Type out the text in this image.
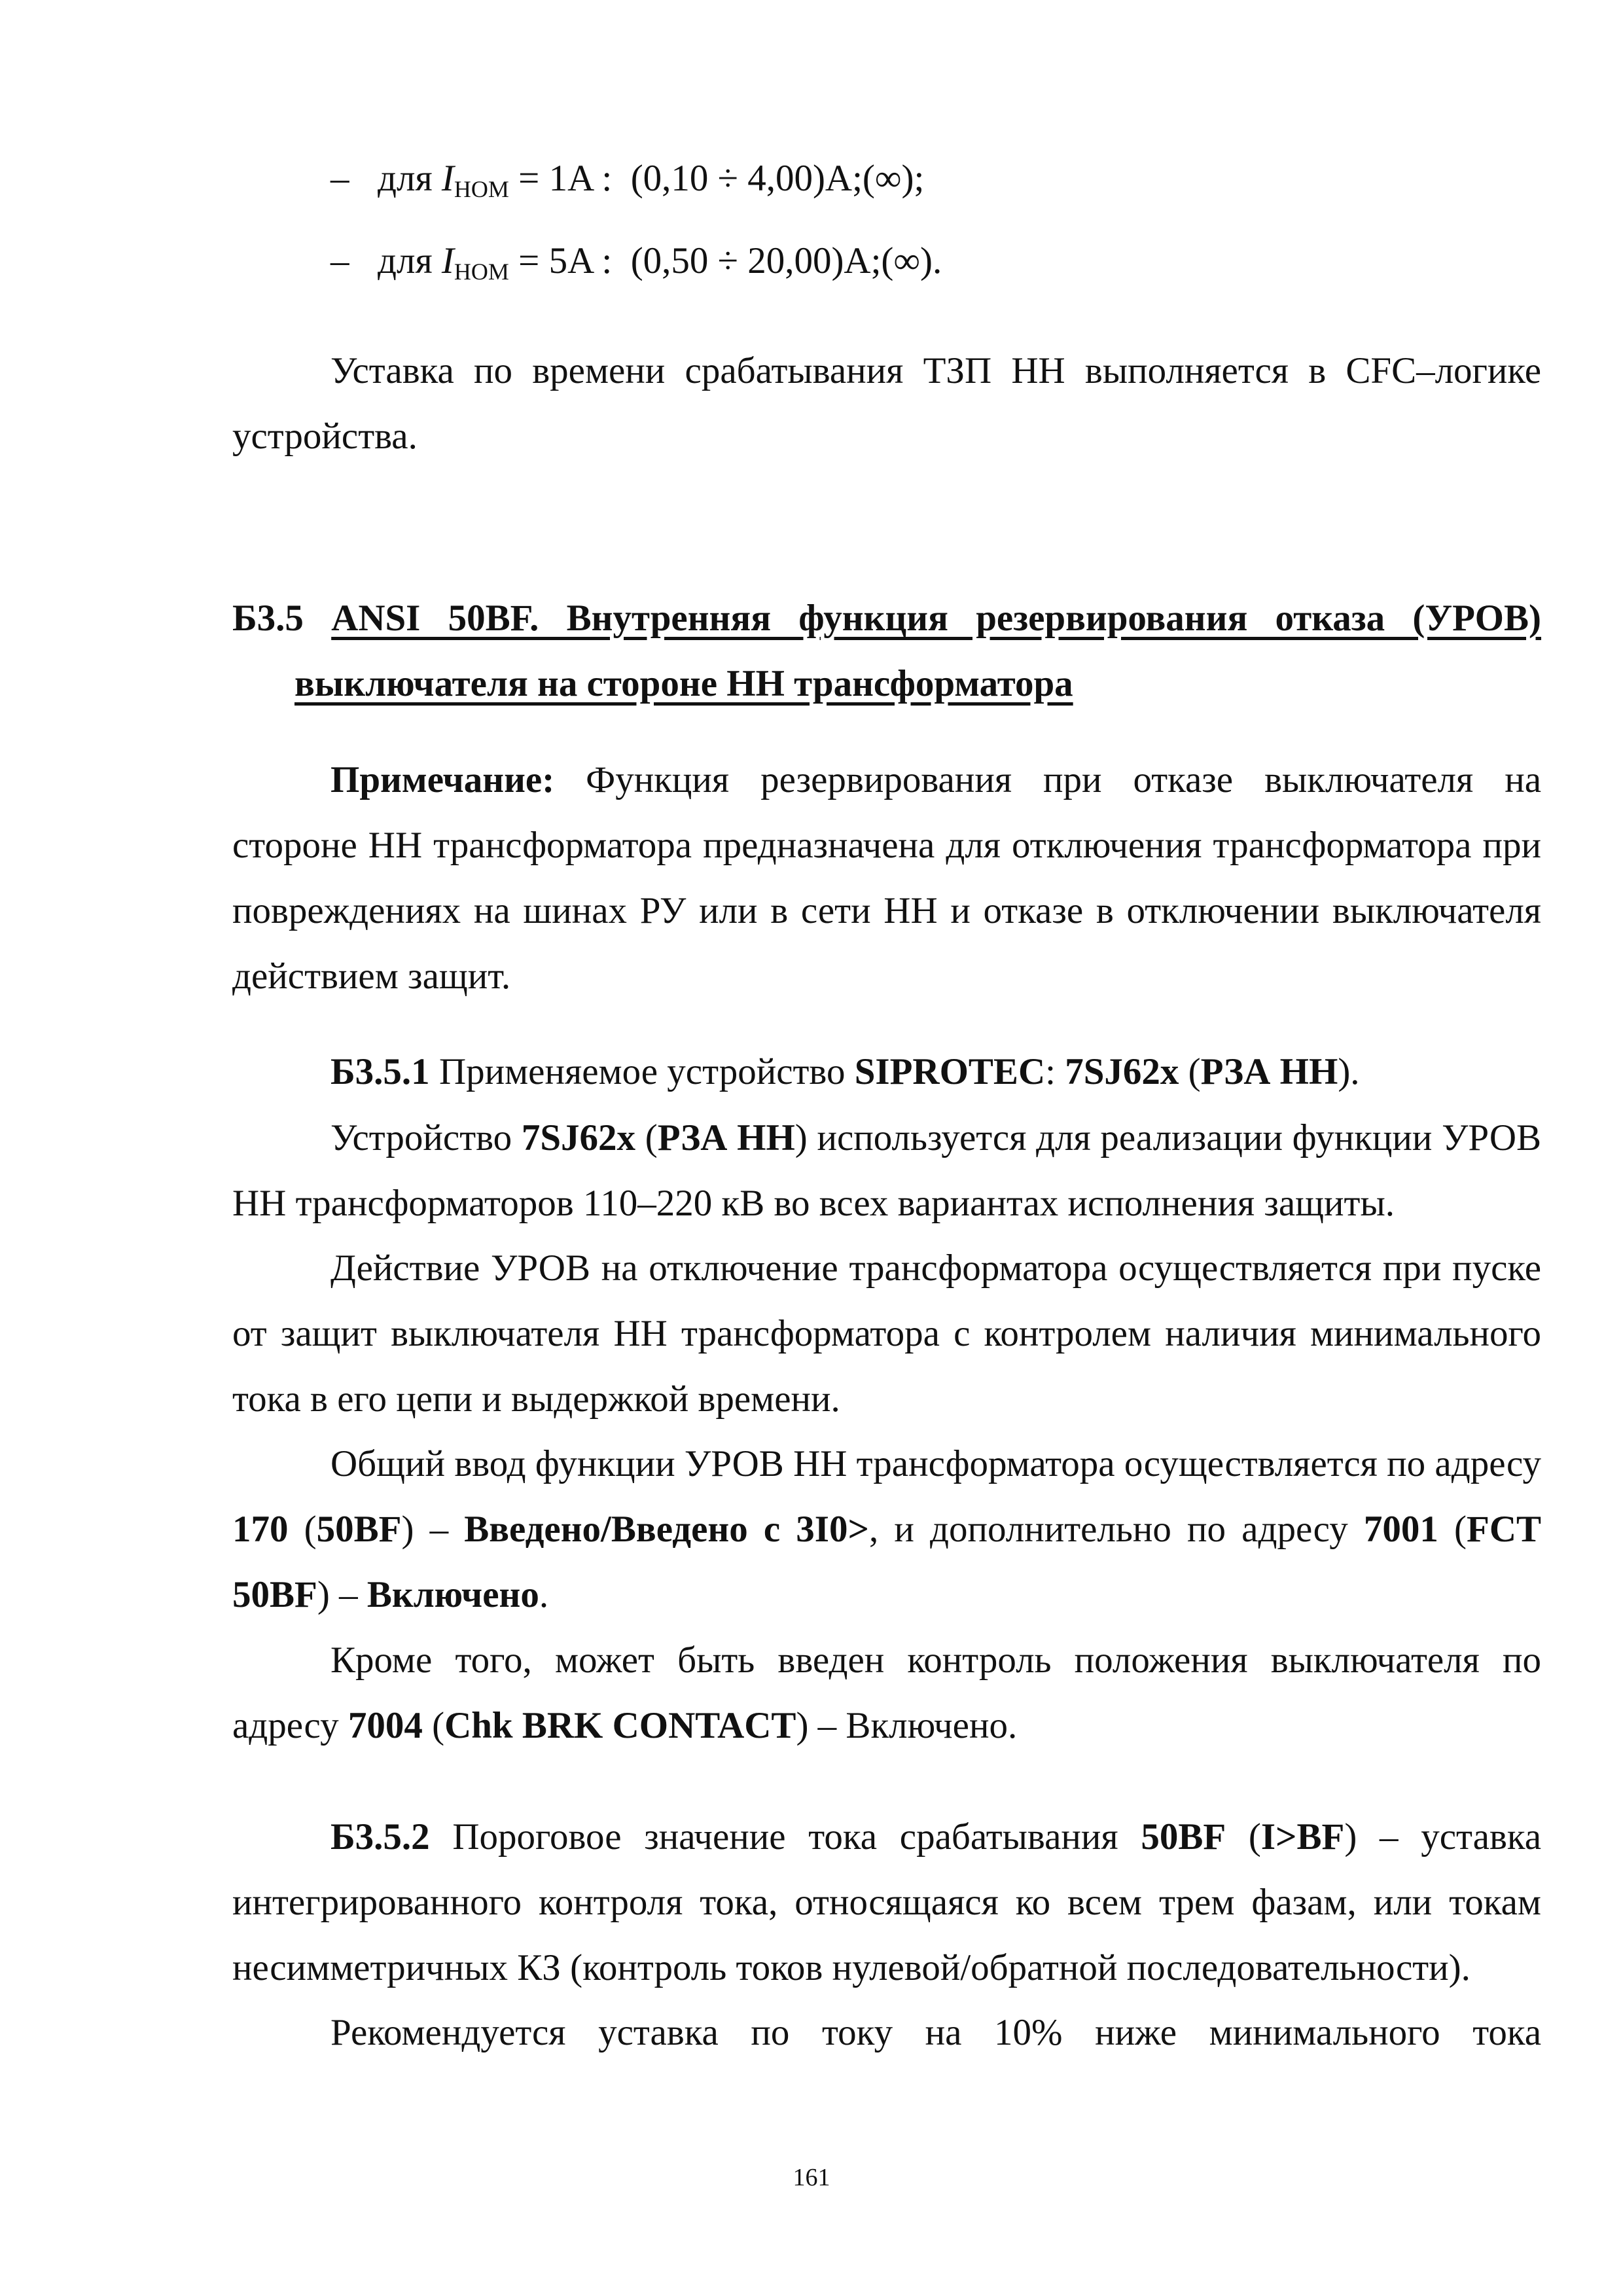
– для $I_{НОМ} = 1A$ : (0,10 ÷ 4,00)A;(∞);
– для $I_{НОМ} = 5A$ : (0,50 ÷ 20,00)A;(∞).

Уставка по времени срабатывания ТЗП НН выполняется в CFC–логике устройства.

Б3.5 ANSI 50BF. Внутренняя функция резервирования отказа (УРОВ)
выключателя на стороне НН трансформатора

Примечание: Функция резервирования при отказе выключателя на стороне НН трансформатора предназначена для отключения трансформатора при повреждениях на шинах РУ или в сети НН и отказе в отключении выключателя действием защит.

Б3.5.1 Применяемое устройство SIPROTEC: 7SJ62x (РЗА НН).

Устройство 7SJ62x (РЗА НН) используется для реализации функции УРОВ НН трансформаторов 110–220 кВ во всех вариантах исполнения защиты.

Действие УРОВ на отключение трансформатора осуществляется при пуске от защит выключателя НН трансформатора с контролем наличия минимального тока в его цепи и выдержкой времени.

Общий ввод функции УРОВ НН трансформатора осуществляется по адресу 170 (50BF) – Введено/Введено с 3I0>, и дополнительно по адресу 7001 (FCT 50BF) – Включено.

Кроме того, может быть введен контроль положения выключателя по адресу 7004 (Chk BRK CONTACT) – Включено.

Б3.5.2 Пороговое значение тока срабатывания 50BF (I>BF) – уставка интегрированного контроля тока, относящаяся ко всем трем фазам, или токам несимметричных КЗ (контроль токов нулевой/обратной последовательности).

Рекомендуется уставка по току на 10% ниже минимального тока

161
